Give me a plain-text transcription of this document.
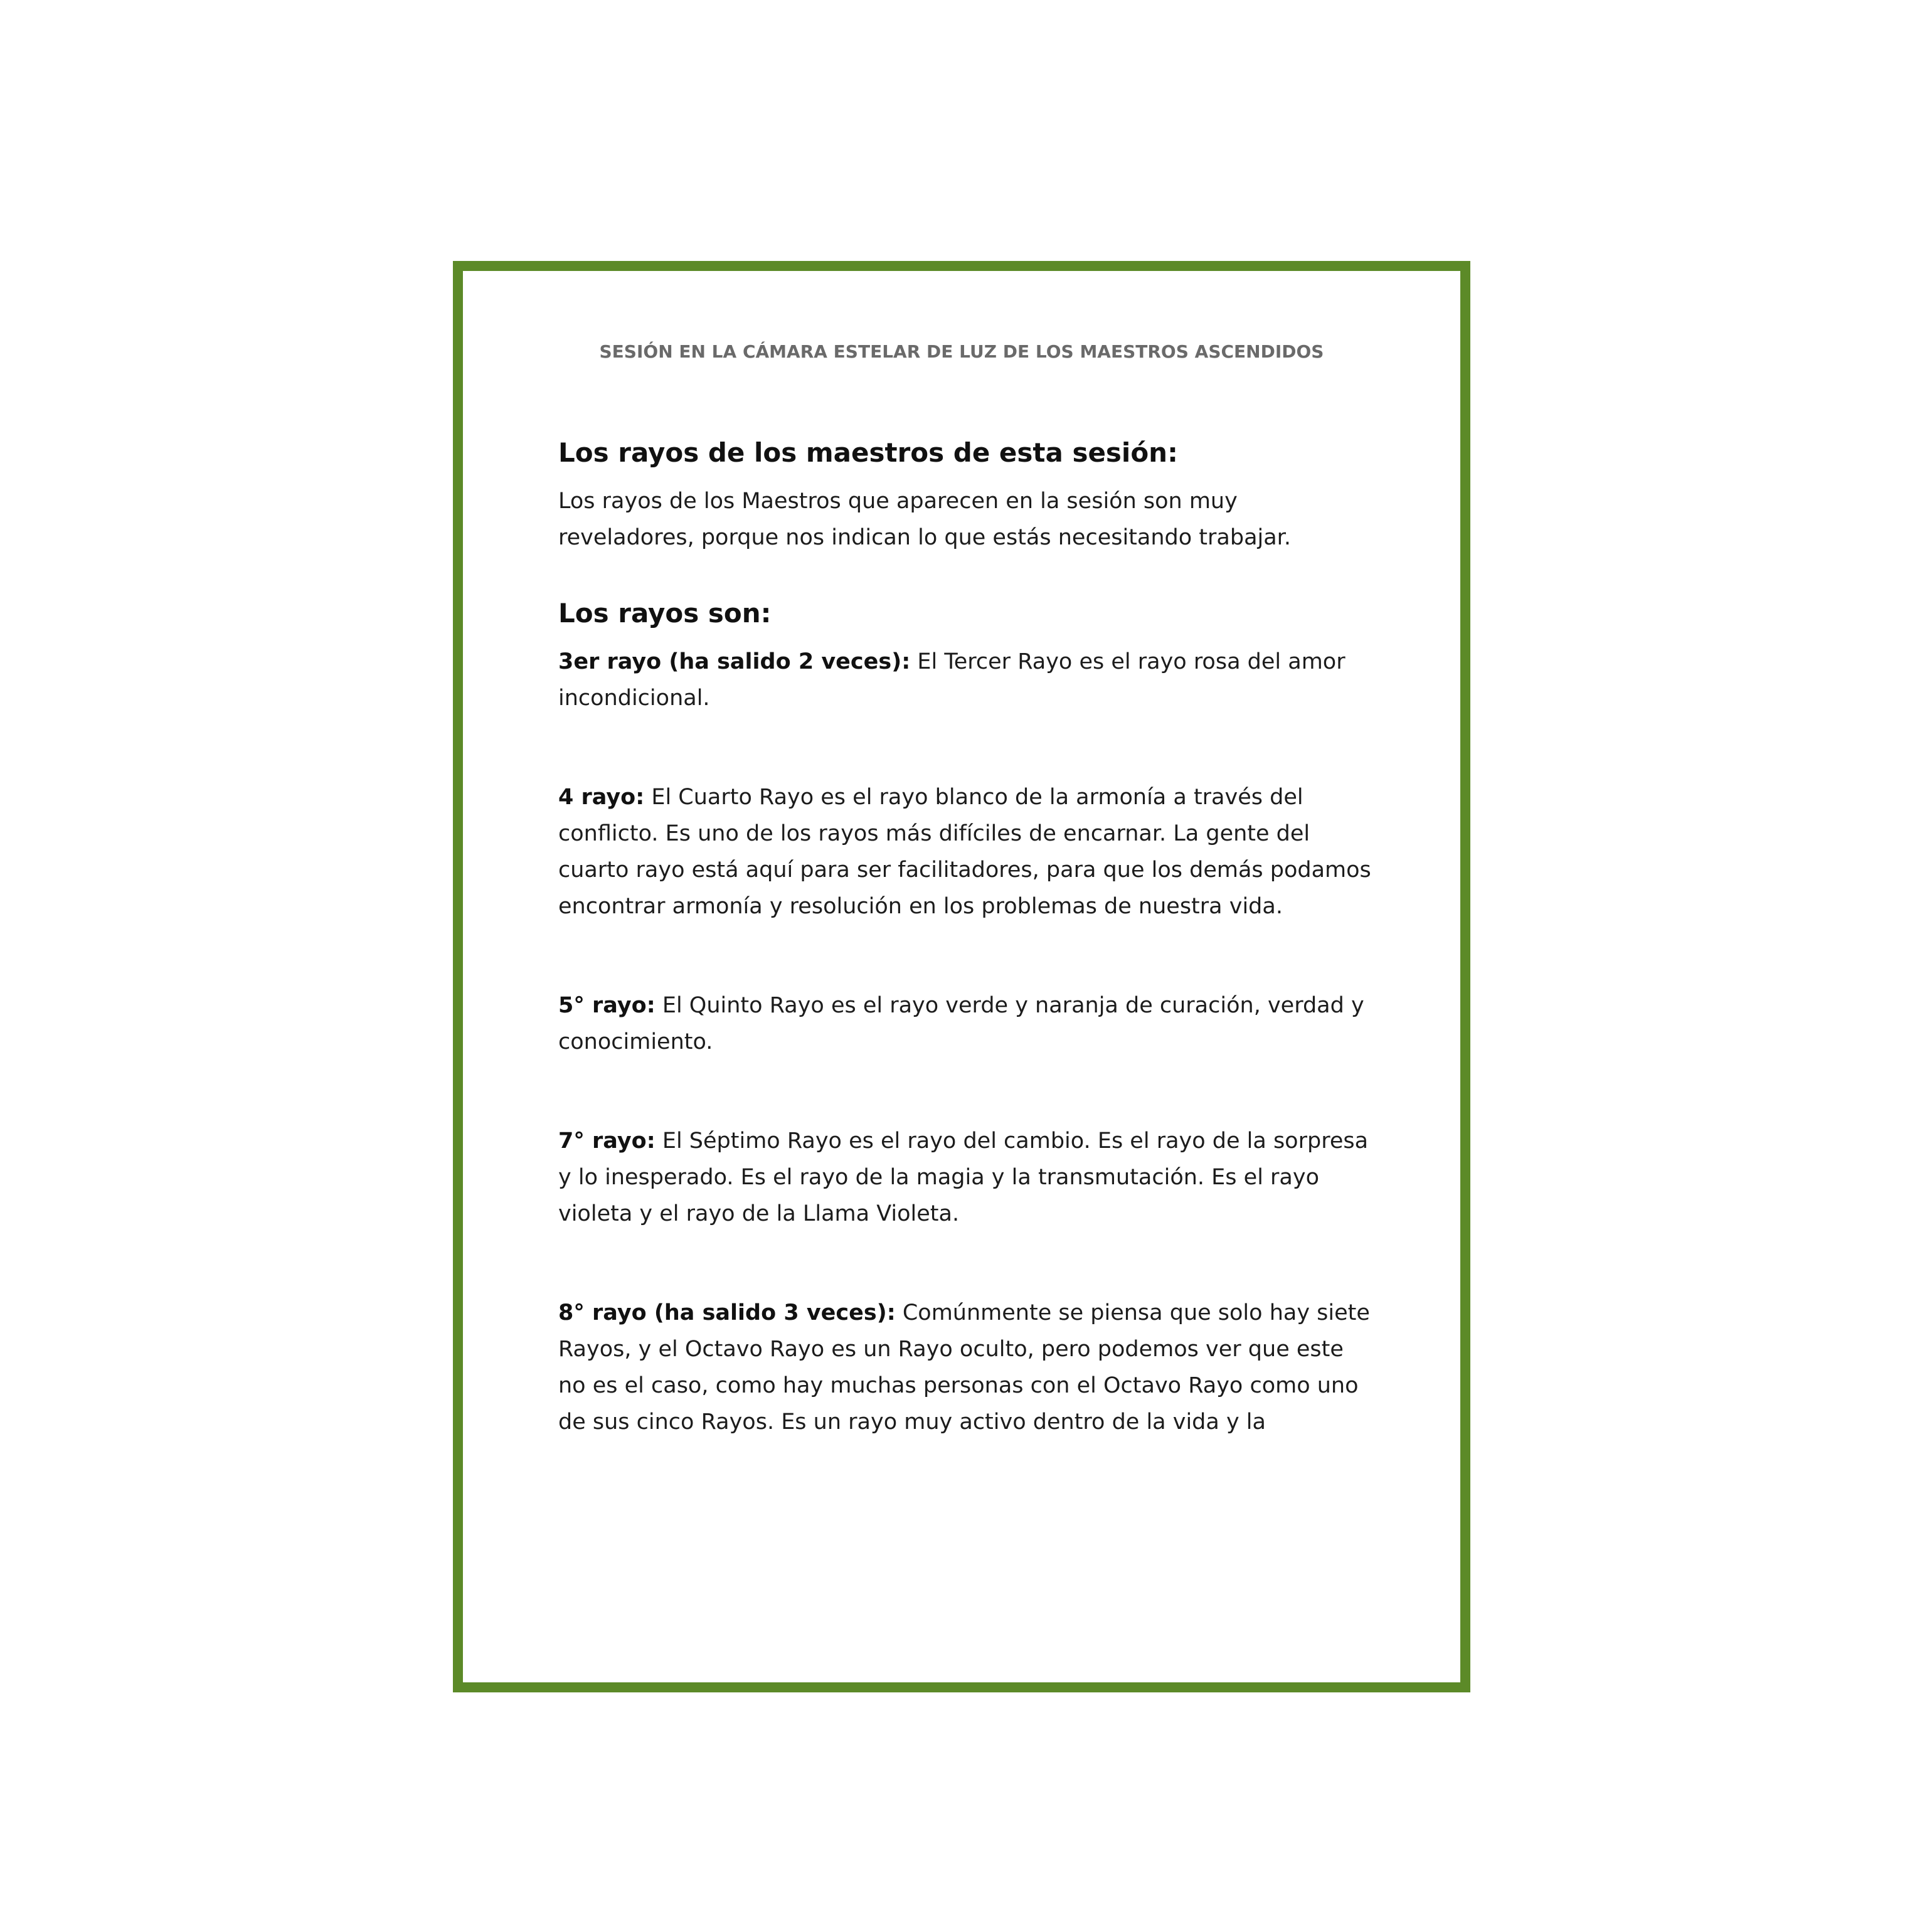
SESIÓN EN LA CÁMARA ESTELAR DE LUZ DE LOS MAESTROS ASCENDIDOS
Los rayos de los maestros de esta sesión:

Los rayos de los Maestros que aparecen en la sesión son muy reveladores, porque nos indican lo que estás necesitando trabajar.

Los rayos son:

3er rayo (ha salido 2 veces): El Tercer Rayo es el rayo rosa del amor incondicional.

4 rayo: El Cuarto Rayo es el rayo blanco de la armonía a través del conflicto. Es uno de los rayos más difíciles de encarnar. La gente del cuarto rayo está aquí para ser facilitadores, para que los demás podamos encontrar armonía y resolución en los problemas de nuestra vida.

5° rayo: El Quinto Rayo es el rayo verde y naranja de curación, verdad y conocimiento.

7° rayo: El Séptimo Rayo es el rayo del cambio. Es el rayo de la sorpresa y lo inesperado. Es el rayo de la magia y la transmutación. Es el rayo violeta y el rayo de la Llama Violeta.

8° rayo (ha salido 3 veces): Comúnmente se piensa que solo hay siete Rayos, y el Octavo Rayo es un Rayo oculto, pero podemos ver que este no es el caso, como hay muchas personas con el Octavo Rayo como uno de sus cinco Rayos. Es un rayo muy activo dentro de la vida y la
